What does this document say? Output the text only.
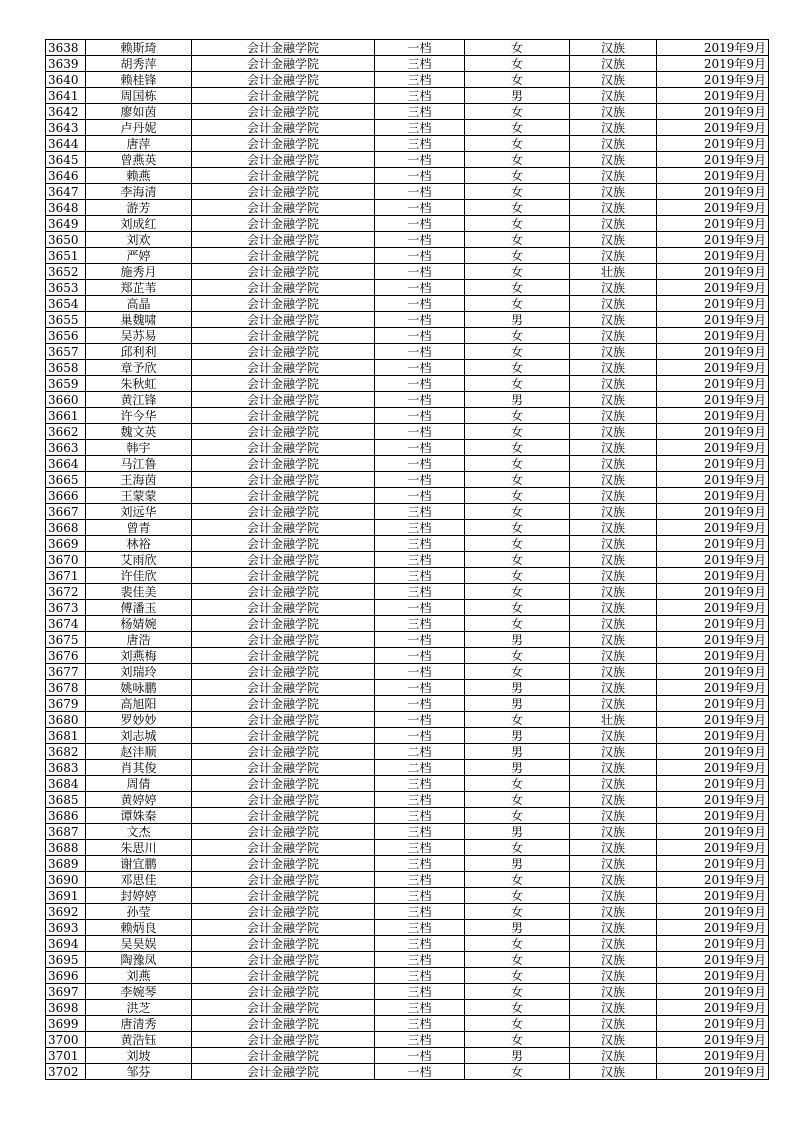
3638	赖斯琦	会计金融学院	一档	女	汉族	2019年9月
3639	胡秀萍	会计金融学院	三档	女	汉族	2019年9月
3640	赖桂锋	会计金融学院	三档	女	汉族	2019年9月
3641	周国栋	会计金融学院	三档	男	汉族	2019年9月
3642	廖如茵	会计金融学院	三档	女	汉族	2019年9月
3643	卢丹妮	会计金融学院	三档	女	汉族	2019年9月
3644	唐萍	会计金融学院	三档	女	汉族	2019年9月
3645	曾燕英	会计金融学院	一档	女	汉族	2019年9月
3646	赖燕	会计金融学院	一档	女	汉族	2019年9月
3647	李海清	会计金融学院	一档	女	汉族	2019年9月
3648	游芳	会计金融学院	一档	女	汉族	2019年9月
3649	刘成红	会计金融学院	一档	女	汉族	2019年9月
3650	刘欢	会计金融学院	一档	女	汉族	2019年9月
3651	严婷	会计金融学院	一档	女	汉族	2019年9月
3652	施秀月	会计金融学院	一档	女	壮族	2019年9月
3653	郑芷苇	会计金融学院	一档	女	汉族	2019年9月
3654	高晶	会计金融学院	一档	女	汉族	2019年9月
3655	巢魏啸	会计金融学院	一档	男	汉族	2019年9月
3656	吴苏易	会计金融学院	一档	女	汉族	2019年9月
3657	邱利利	会计金融学院	一档	女	汉族	2019年9月
3658	章予欣	会计金融学院	一档	女	汉族	2019年9月
3659	朱秋虹	会计金融学院	一档	女	汉族	2019年9月
3660	黄江锋	会计金融学院	一档	男	汉族	2019年9月
3661	许今华	会计金融学院	一档	女	汉族	2019年9月
3662	魏文英	会计金融学院	一档	女	汉族	2019年9月
3663	韩宇	会计金融学院	一档	女	汉族	2019年9月
3664	马江鲁	会计金融学院	一档	女	汉族	2019年9月
3665	王海茵	会计金融学院	一档	女	汉族	2019年9月
3666	王蒙蒙	会计金融学院	一档	女	汉族	2019年9月
3667	刘远华	会计金融学院	三档	女	汉族	2019年9月
3668	曾青	会计金融学院	三档	女	汉族	2019年9月
3669	林裕	会计金融学院	三档	女	汉族	2019年9月
3670	艾雨欣	会计金融学院	三档	女	汉族	2019年9月
3671	许佳欣	会计金融学院	三档	女	汉族	2019年9月
3672	裴佳美	会计金融学院	三档	女	汉族	2019年9月
3673	傅潘玉	会计金融学院	一档	女	汉族	2019年9月
3674	杨婧婉	会计金融学院	三档	女	汉族	2019年9月
3675	唐浩	会计金融学院	一档	男	汉族	2019年9月
3676	刘燕梅	会计金融学院	一档	女	汉族	2019年9月
3677	刘瑞玲	会计金融学院	一档	女	汉族	2019年9月
3678	姚咏鹏	会计金融学院	一档	男	汉族	2019年9月
3679	高旭阳	会计金融学院	一档	男	汉族	2019年9月
3680	罗妙妙	会计金融学院	一档	女	壮族	2019年9月
3681	刘志城	会计金融学院	一档	男	汉族	2019年9月
3682	赵沣顺	会计金融学院	二档	男	汉族	2019年9月
3683	肖其俊	会计金融学院	二档	男	汉族	2019年9月
3684	周倩	会计金融学院	三档	女	汉族	2019年9月
3685	黄婷婷	会计金融学院	三档	女	汉族	2019年9月
3686	谭姝秦	会计金融学院	三档	女	汉族	2019年9月
3687	文杰	会计金融学院	三档	男	汉族	2019年9月
3688	朱思川	会计金融学院	三档	女	汉族	2019年9月
3689	谢宜鹏	会计金融学院	三档	男	汉族	2019年9月
3690	邓思佳	会计金融学院	三档	女	汉族	2019年9月
3691	封婷婷	会计金融学院	三档	女	汉族	2019年9月
3692	孙莹	会计金融学院	三档	女	汉族	2019年9月
3693	赖炳良	会计金融学院	三档	男	汉族	2019年9月
3694	吴昊娱	会计金融学院	三档	女	汉族	2019年9月
3695	陶豫凤	会计金融学院	三档	女	汉族	2019年9月
3696	刘燕	会计金融学院	三档	女	汉族	2019年9月
3697	李婉琴	会计金融学院	三档	女	汉族	2019年9月
3698	洪芝	会计金融学院	三档	女	汉族	2019年9月
3699	唐清秀	会计金融学院	三档	女	汉族	2019年9月
3700	黄浩钰	会计金融学院	三档	女	汉族	2019年9月
3701	刘坡	会计金融学院	一档	男	汉族	2019年9月
3702	邹芬	会计金融学院	一档	女	汉族	2019年9月
